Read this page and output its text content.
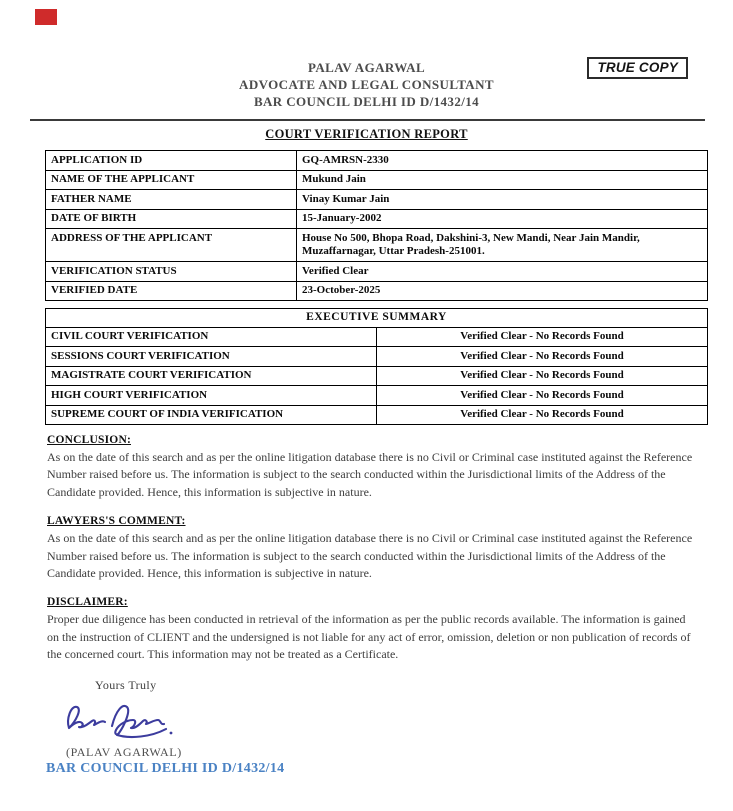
PALAV AGARWAL
ADVOCATE AND LEGAL CONSULTANT
BAR COUNCIL DELHI ID D/1432/14
TRUE COPY
COURT VERIFICATION REPORT
APPLICATION ID	GQ-AMRSN-2330
NAME OF THE APPLICANT	Mukund Jain
FATHER NAME	Vinay Kumar Jain
DATE OF BIRTH	15-January-2002
ADDRESS OF THE APPLICANT	House No 500, Bhopa Road, Dakshini-3, New Mandi, Near Jain Mandir, Muzaffarnagar, Uttar Pradesh-251001.
VERIFICATION STATUS	Verified Clear
VERIFIED DATE	23-October-2025
EXECUTIVE SUMMARY	
CIVIL COURT VERIFICATION	Verified Clear - No Records Found
SESSIONS COURT VERIFICATION	Verified Clear - No Records Found
MAGISTRATE COURT VERIFICATION	Verified Clear - No Records Found
HIGH COURT VERIFICATION	Verified Clear - No Records Found
SUPREME COURT OF INDIA VERIFICATION	Verified Clear - No Records Found
CONCLUSION:
As on the date of this search and as per the online litigation database there is no Civil or Criminal case instituted against the Reference Number raised before us. The information is subject to the search conducted within the Jurisdictional limits of the Address of the Candidate provided. Hence, this information is subjective in nature.
LAWYERS'S COMMENT:
As on the date of this search and as per the online litigation database there is no Civil or Criminal case instituted against the Reference Number raised before us. The information is subject to the search conducted within the Jurisdictional limits of the Address of the Candidate provided. Hence, this information is subjective in nature.
DISCLAIMER:
Proper due diligence has been conducted in retrieval of the information as per the public records available. The information is gained on the instruction of CLIENT and the undersigned is not liable for any act of error, omission, deletion or non publication of records of the concerned court. This information may not be treated as a Certificate.
Yours Truly
(PALAV AGARWAL)
BAR COUNCIL DELHI ID D/1432/14
